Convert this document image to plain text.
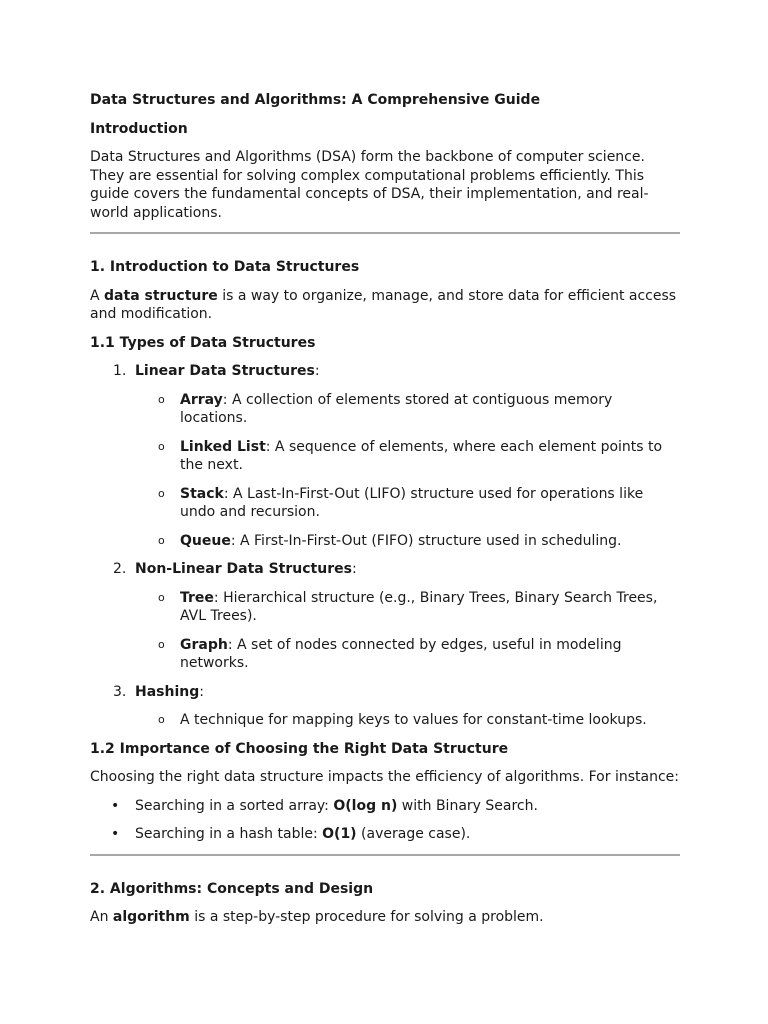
Data Structures and Algorithms: A Comprehensive Guide
Introduction

Data Structures and Algorithms (DSA) form the backbone of computer science. They are essential for solving complex computational problems efficiently. This guide covers the fundamental concepts of DSA, their implementation, and real-world applications.

1. Introduction to Data Structures

A data structure is a way to organize, manage, and store data for efficient access and modification.

1.1 Types of Data Structures
1. Linear Data Structures:
o Array: A collection of elements stored at contiguous memory locations.
o Linked List: A sequence of elements, where each element points to the next.
o Stack: A Last-In-First-Out (LIFO) structure used for operations like undo and recursion.
o Queue: A First-In-First-Out (FIFO) structure used in scheduling.
2. Non-Linear Data Structures:
o Tree: Hierarchical structure (e.g., Binary Trees, Binary Search Trees, AVL Trees).
o Graph: A set of nodes connected by edges, useful in modeling networks.
3. Hashing:
o A technique for mapping keys to values for constant-time lookups.
1.2 Importance of Choosing the Right Data Structure

Choosing the right data structure impacts the efficiency of algorithms. For instance:

• Searching in a sorted array: O(log n) with Binary Search.
• Searching in a hash table: O(1) (average case).
2. Algorithms: Concepts and Design

An algorithm is a step-by-step procedure for solving a problem.
